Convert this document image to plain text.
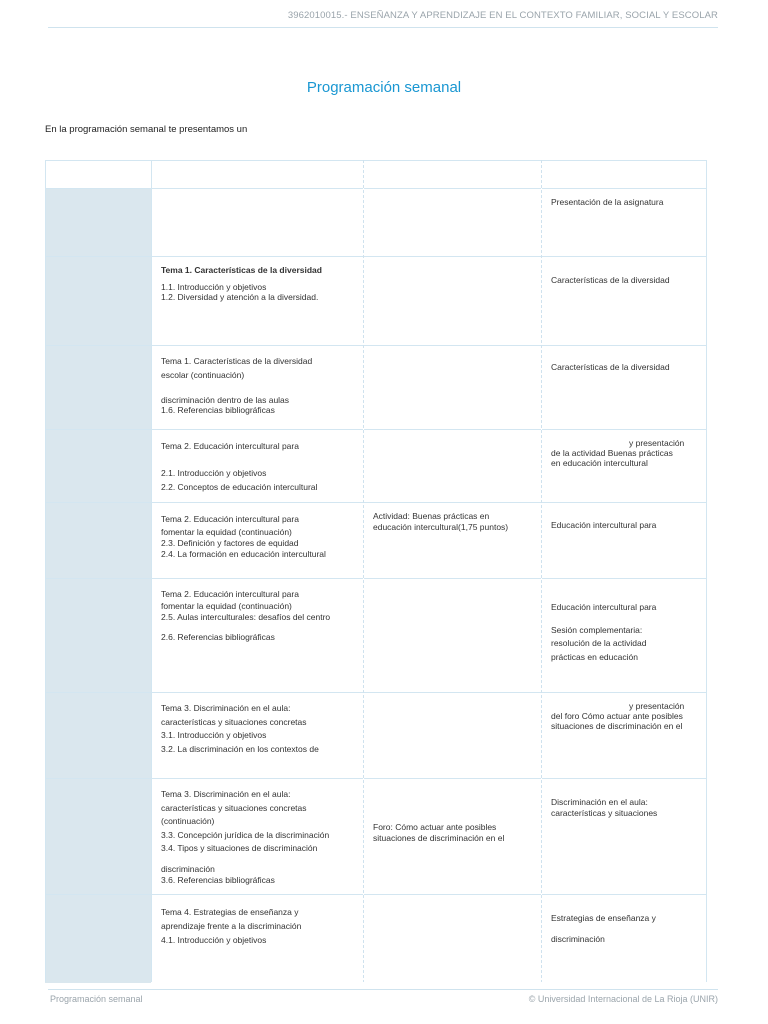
3962010015.- ENSEÑANZA Y APRENDIZAJE EN EL CONTEXTO FAMILIAR, SOCIAL Y ESCOLAR
Programación semanal
En la programación semanal te presentamos un
Presentación de la asignatura
Tema 1. Características de la diversidad
1.1. Introducción y objetivos
1.2. Diversidad y atención a la diversidad.
Características de la diversidad
Tema 1. Características de la diversidad
escolar (continuación)
discriminación dentro de las aulas
1.6. Referencias bibliográficas
Características de la diversidad
Tema 2. Educación intercultural para
2.1. Introducción y objetivos
2.2. Conceptos de educación intercultural
y presentación
de la actividad Buenas prácticas
en educación intercultural
Tema 2. Educación intercultural para
fomentar la equidad (continuación)
2.3. Definición y factores de equidad
2.4. La formación en educación intercultural
Actividad: Buenas prácticas en
educación intercultural(1,75 puntos)	Educación intercultural para
Tema 2. Educación intercultural para
fomentar la equidad (continuación)
2.5. Aulas interculturales: desafíos del centro
2.6. Referencias bibliográficas
Educación intercultural para
Sesión complementaria:
resolución de la actividad
prácticas en educación
Tema 3. Discriminación en el aula:
características y situaciones concretas
3.1. Introducción y objetivos
3.2. La discriminación en los contextos de
y presentación
del foro Cómo actuar ante posibles
situaciones de discriminación en el
Tema 3. Discriminación en el aula:
características y situaciones concretas
(continuación)
3.3. Concepción jurídica de la discriminación
3.4. Tipos y situaciones de discriminación
discriminación
3.6. Referencias bibliográficas
Foro: Cómo actuar ante posibles
situaciones de discriminación en el
Discriminación en el aula:
características y situaciones
Tema 4. Estrategias de enseñanza y
aprendizaje frente a la discriminación
4.1. Introducción y objetivos
Estrategias de enseñanza y
discriminación
Programación semanal	© Universidad Internacional de La Rioja (UNIR)
